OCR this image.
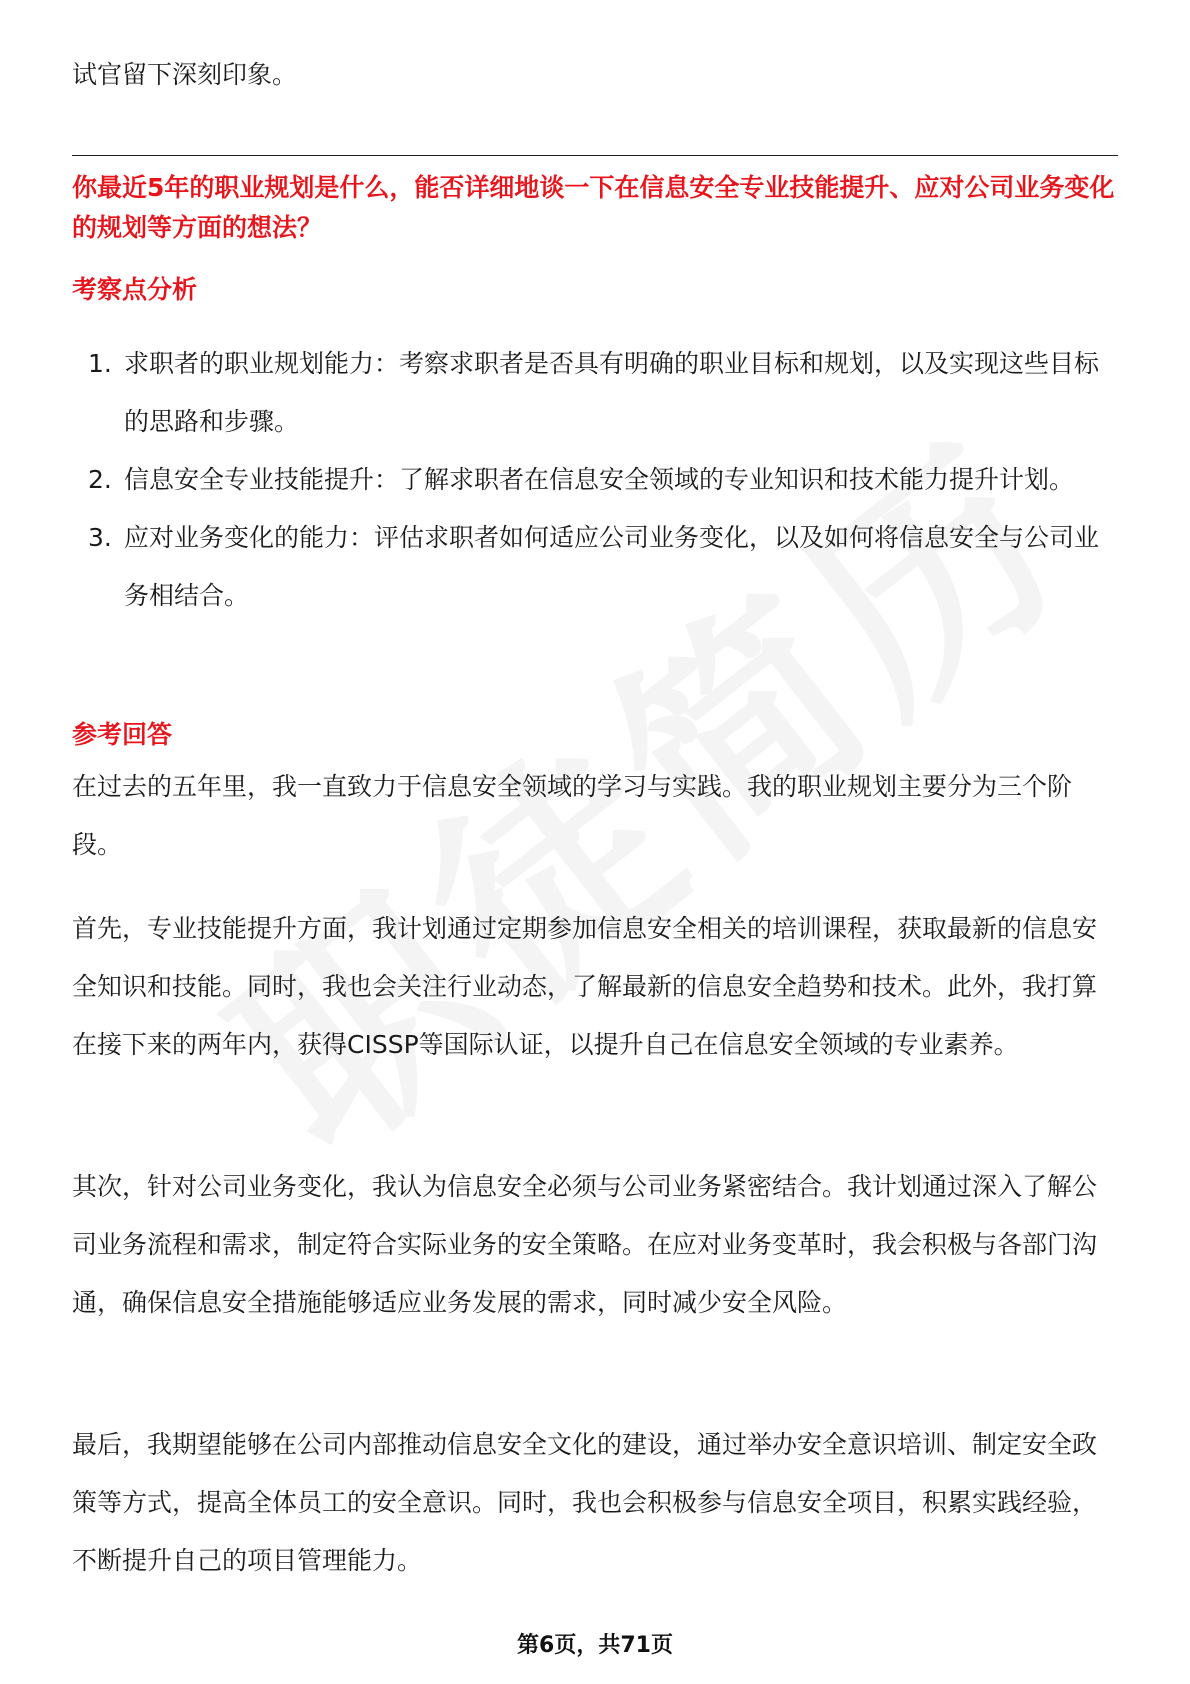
试官留下深刻印象。

你最近5年的职业规划是什么，能否详细地谈一下在信息安全专业技能提升、应对公司业务变化的规划等方面的想法？

考察点分析

1. 求职者的职业规划能力：考察求职者是否具有明确的职业目标和规划，以及实现这些目标的思路和步骤。
2. 信息安全专业技能提升：了解求职者在信息安全领域的专业知识和技术能力提升计划。
3. 应对业务变化的能力：评估求职者如何适应公司业务变化，以及如何将信息安全与公司业务相结合。

参考回答

在过去的五年里，我一直致力于信息安全领域的学习与实践。我的职业规划主要分为三个阶段。

首先，专业技能提升方面，我计划通过定期参加信息安全相关的培训课程，获取最新的信息安全知识和技能。同时，我也会关注行业动态，了解最新的信息安全趋势和技术。此外，我打算在接下来的两年内，获得CISSP等国际认证，以提升自己在信息安全领域的专业素养。

其次，针对公司业务变化，我认为信息安全必须与公司业务紧密结合。我计划通过深入了解公司业务流程和需求，制定符合实际业务的安全策略。在应对业务变革时，我会积极与各部门沟通，确保信息安全措施能够适应业务发展的需求，同时减少安全风险。

最后，我期望能够在公司内部推动信息安全文化的建设，通过举办安全意识培训、制定安全政策等方式，提高全体员工的安全意识。同时，我也会积极参与信息安全项目，积累实践经验，不断提升自己的项目管理能力。

第6页，共71页
